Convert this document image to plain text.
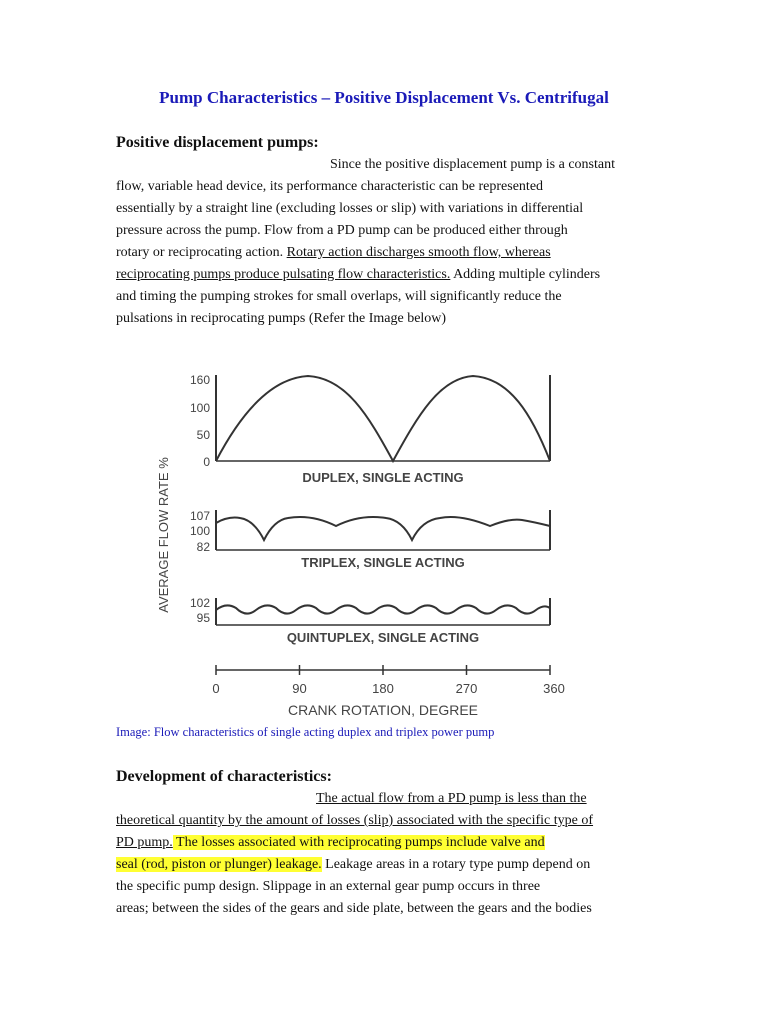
Pump Characteristics – Positive Displacement Vs. Centrifugal
Positive displacement pumps:
Since the positive displacement pump is a constant
flow, variable head device, its performance characteristic can be represented
essentially by a straight line (excluding losses or slip) with variations in differential
pressure across the pump. Flow from a PD pump can be produced either through
rotary or reciprocating action. Rotary action discharges smooth flow, whereas
reciprocating pumps produce pulsating flow characteristics. Adding multiple cylinders
and timing the pumping strokes for small overlaps, will significantly reduce the
pulsations in reciprocating pumps (Refer the Image below)
AVERAGE FLOW RATE %
160
100
50
0
DUPLEX, SINGLE ACTING
107
100
82
TRIPLEX, SINGLE ACTING
102
95
QUINTUPLEX, SINGLE ACTING
0	90	180	270	360
CRANK ROTATION, DEGREE
Image: Flow characteristics of single acting duplex and triplex power pump
Development of characteristics:
The actual flow from a PD pump is less than the
theoretical quantity by the amount of losses (slip) associated with the specific type of
PD pump. The losses associated with reciprocating pumps include valve and
seal (rod, piston or plunger) leakage. Leakage areas in a rotary type pump depend on
the specific pump design. Slippage in an external gear pump occurs in three
areas; between the sides of the gears and side plate, between the gears and the bodies
